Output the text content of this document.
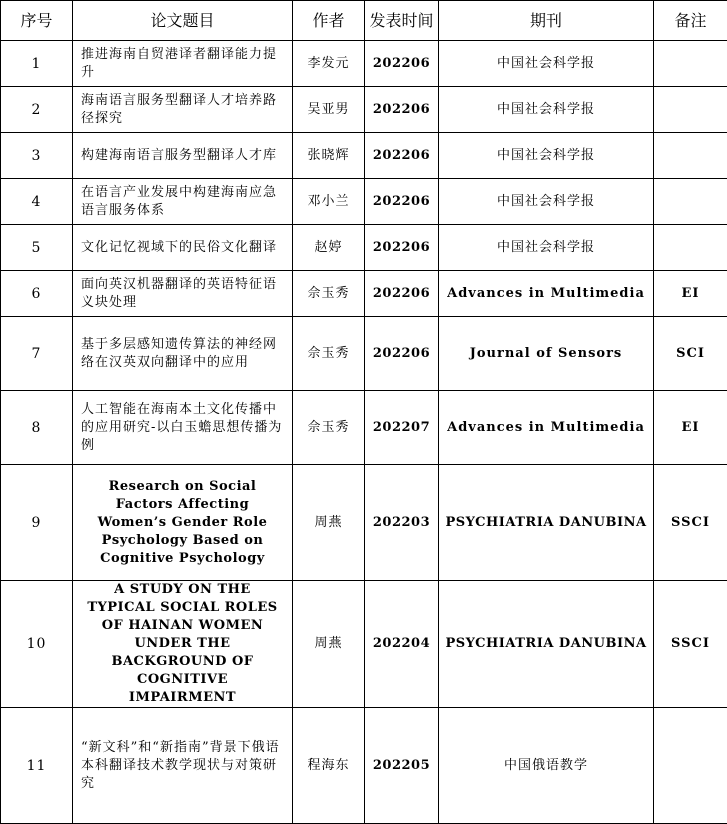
序号	论文题目	作者	发表时间	期刊	备注
1	推进海南自贸港译者翻译能力提升	李发元	202206	中国社会科学报	
2	海南语言服务型翻译人才培养路径探究	吴亚男	202206	中国社会科学报	
3	构建海南语言服务型翻译人才库	张晓辉	202206	中国社会科学报	
4	在语言产业发展中构建海南应急语言服务体系	邓小兰	202206	中国社会科学报	
5	文化记忆视域下的民俗文化翻译	赵婷	202206	中国社会科学报	
6	面向英汉机器翻译的英语特征语义块处理	佘玉秀	202206	Advances in Multimedia	EI
7	基于多层感知遗传算法的神经网络在汉英双向翻译中的应用	佘玉秀	202206	Journal of Sensors	SCI
8	人工智能在海南本土文化传播中的应用研究-以白玉蟾思想传播为例	佘玉秀	202207	Advances in Multimedia	EI
9	Research on Social Factors Affecting Women’s Gender Role Psychology Based on Cognitive Psychology	周燕	202203	PSYCHIATRIA DANUBINA	SSCI
10	A STUDY ON THE TYPICAL SOCIAL ROLES OF HAINAN WOMEN UNDER THE BACKGROUND OF COGNITIVE IMPAIRMENT	周燕	202204	PSYCHIATRIA DANUBINA	SSCI
11	“新文科”和“新指南”背景下俄语本科翻译技术教学现状与对策研究	程海东	202205	中国俄语教学	
